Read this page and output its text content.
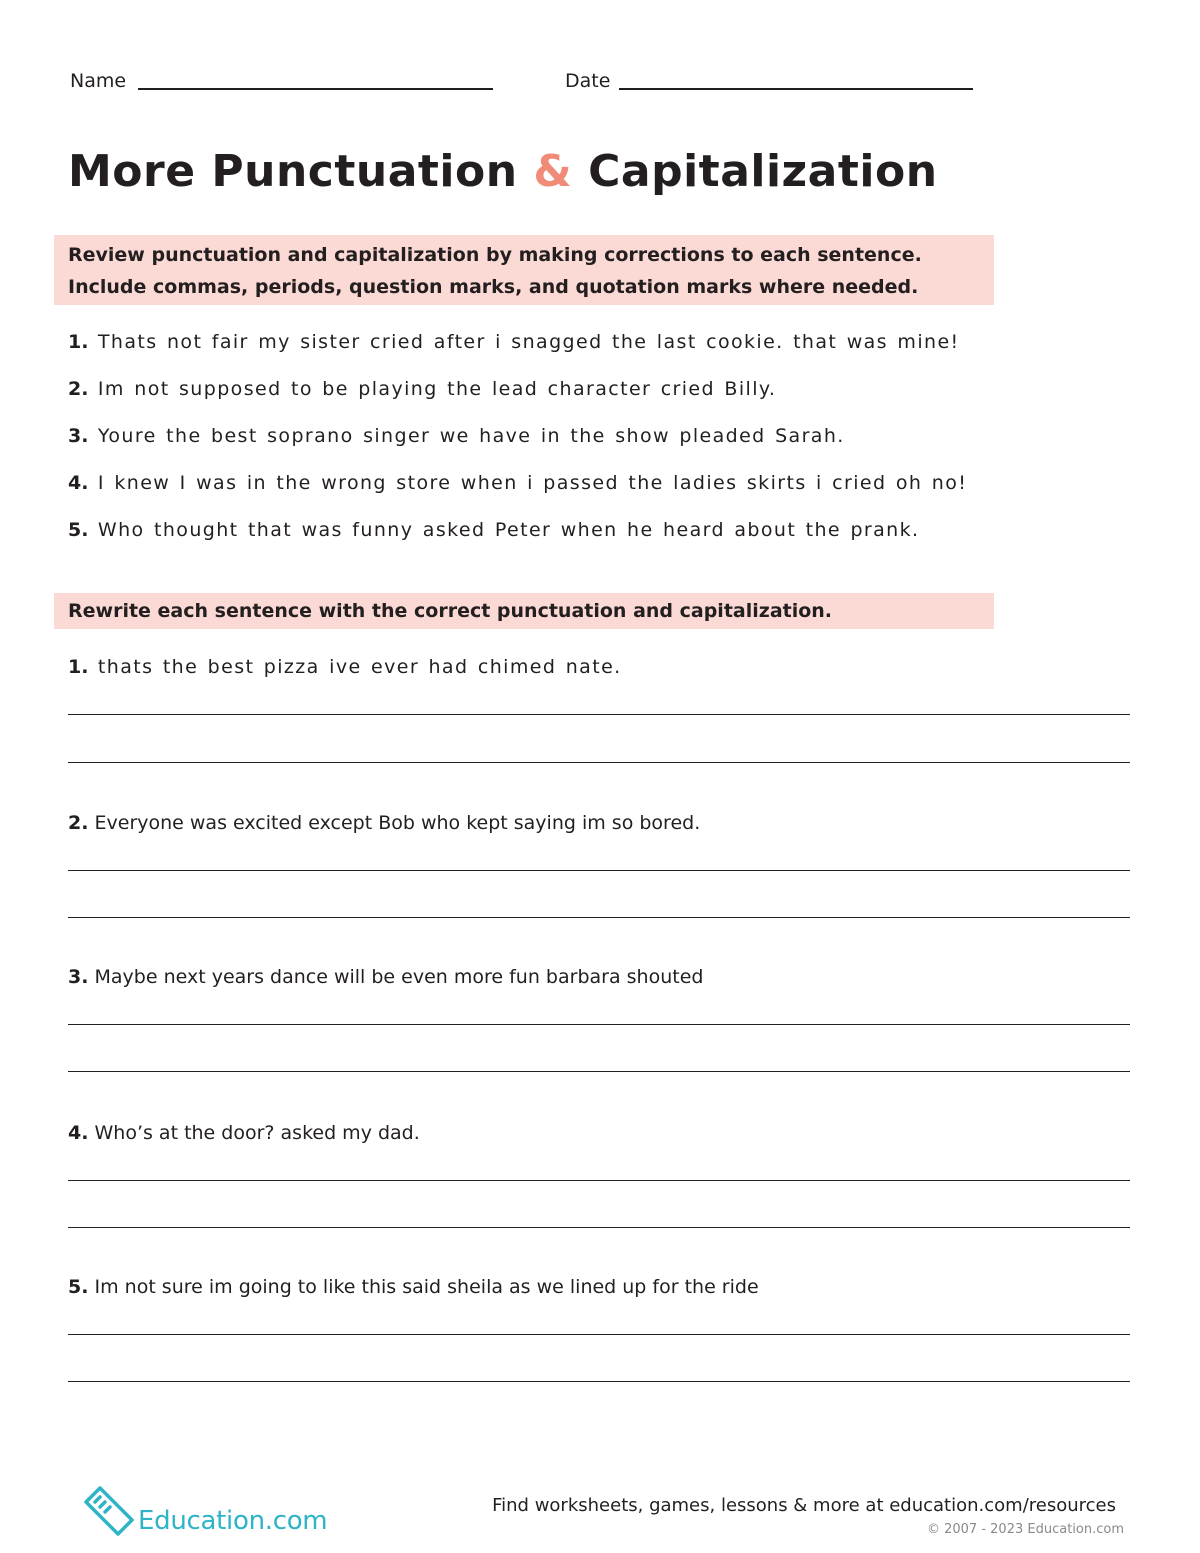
Name	Date
More Punctuation & Capitalization
Review punctuation and capitalization by making corrections to each sentence.
Include commas, periods, question marks, and quotation marks where needed.
1. Thats not fair my sister cried after i snagged the last cookie. that was mine!
2. Im not supposed to be playing the lead character cried Billy.
3. Youre the best soprano singer we have in the show pleaded Sarah.
4. I knew I was in the wrong store when i passed the ladies skirts i cried oh no!
5. Who thought that was funny asked Peter when he heard about the prank.
Rewrite each sentence with the correct punctuation and capitalization.
1. thats the best pizza ive ever had chimed nate.
2. Everyone was excited except Bob who kept saying im so bored.
3. Maybe next years dance will be even more fun barbara shouted
4. Who’s at the door? asked my dad.
5. Im not sure im going to like this said sheila as we lined up for the ride
Education.com
Find worksheets, games, lessons & more at education.com/resources
© 2007 - 2023 Education.com
